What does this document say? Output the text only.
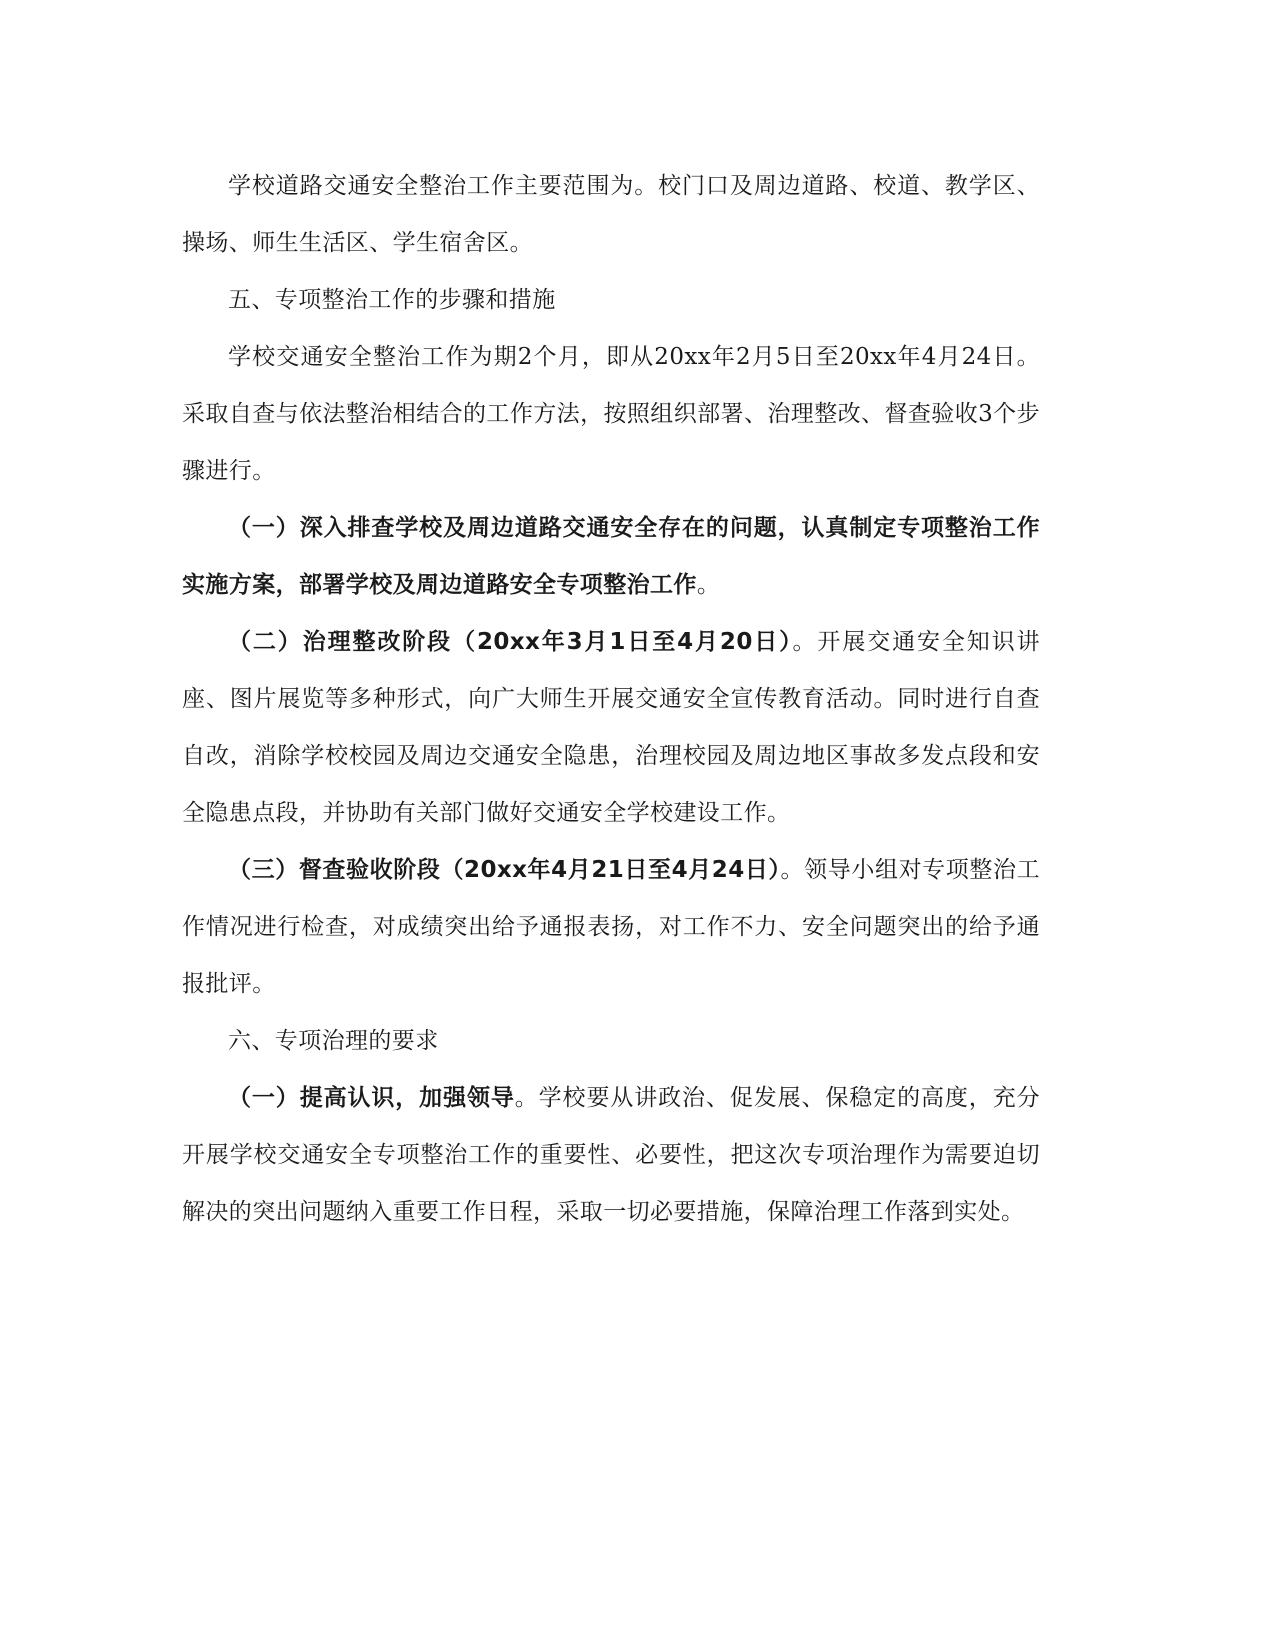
学校道路交通安全整治工作主要范围为。校门口及周边道路、校道、教学区、操场、师生生活区、学生宿舍区。

五、专项整治工作的步骤和措施

学校交通安全整治工作为期2个月，即从20xx年2月5日至20xx年4月24日。采取自查与依法整治相结合的工作方法，按照组织部署、治理整改、督查验收3个步骤进行。

（一）深入排查学校及周边道路交通安全存在的问题，认真制定专项整治工作实施方案，部署学校及周边道路安全专项整治工作。

（二）治理整改阶段（20xx年3月1日至4月20日）。开展交通安全知识讲座、图片展览等多种形式，向广大师生开展交通安全宣传教育活动。同时进行自查自改，消除学校校园及周边交通安全隐患，治理校园及周边地区事故多发点段和安全隐患点段，并协助有关部门做好交通安全学校建设工作。

（三）督查验收阶段（20xx年4月21日至4月24日）。领导小组对专项整治工作情况进行检查，对成绩突出给予通报表扬，对工作不力、安全问题突出的给予通报批评。

六、专项治理的要求

（一）提高认识，加强领导。学校要从讲政治、促发展、保稳定的高度，充分开展学校交通安全专项整治工作的重要性、必要性，把这次专项治理作为需要迫切解决的突出问题纳入重要工作日程，采取一切必要措施，保障治理工作落到实处。
